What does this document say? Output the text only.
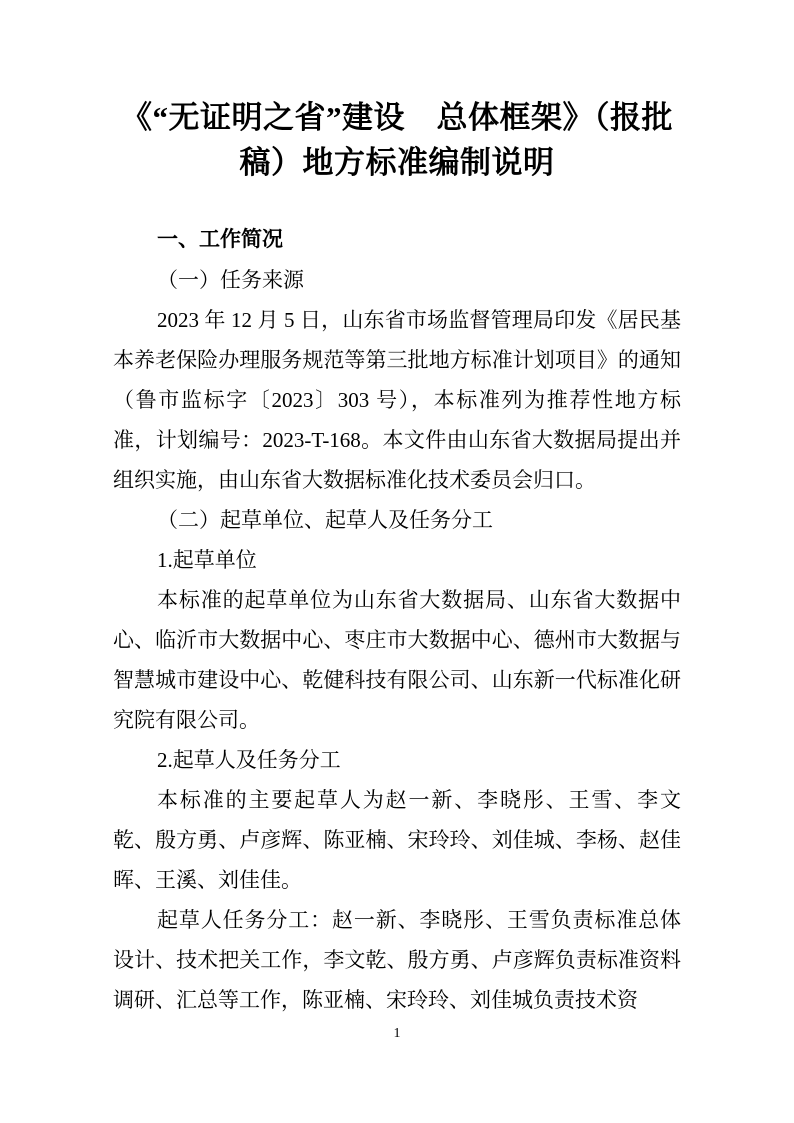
《“无证明之省”建设　总体框架》（报批
稿）地方标准编制说明

一、工作简况

（一）任务来源

2023 年 12 月 5 日，山东省市场监督管理局印发《居民基本养老保险办理服务规范等第三批地方标准计划项目》的通知（鲁市监标字〔2023〕303 号），本标准列为推荐性地方标准，计划编号：2023-T-168。本文件由山东省大数据局提出并组织实施，由山东省大数据标准化技术委员会归口。

（二）起草单位、起草人及任务分工

1.起草单位

本标准的起草单位为山东省大数据局、山东省大数据中心、临沂市大数据中心、枣庄市大数据中心、德州市大数据与智慧城市建设中心、乾健科技有限公司、山东新一代标准化研究院有限公司。

2.起草人及任务分工

本标准的主要起草人为赵一新、李晓彤、王雪、李文乾、殷方勇、卢彦辉、陈亚楠、宋玲玲、刘佳城、李杨、赵佳晖、王溪、刘佳佳。

起草人任务分工：赵一新、李晓彤、王雪负责标准总体设计、技术把关工作，李文乾、殷方勇、卢彦辉负责标准资料调研、汇总等工作，陈亚楠、宋玲玲、刘佳城负责技术资

1
